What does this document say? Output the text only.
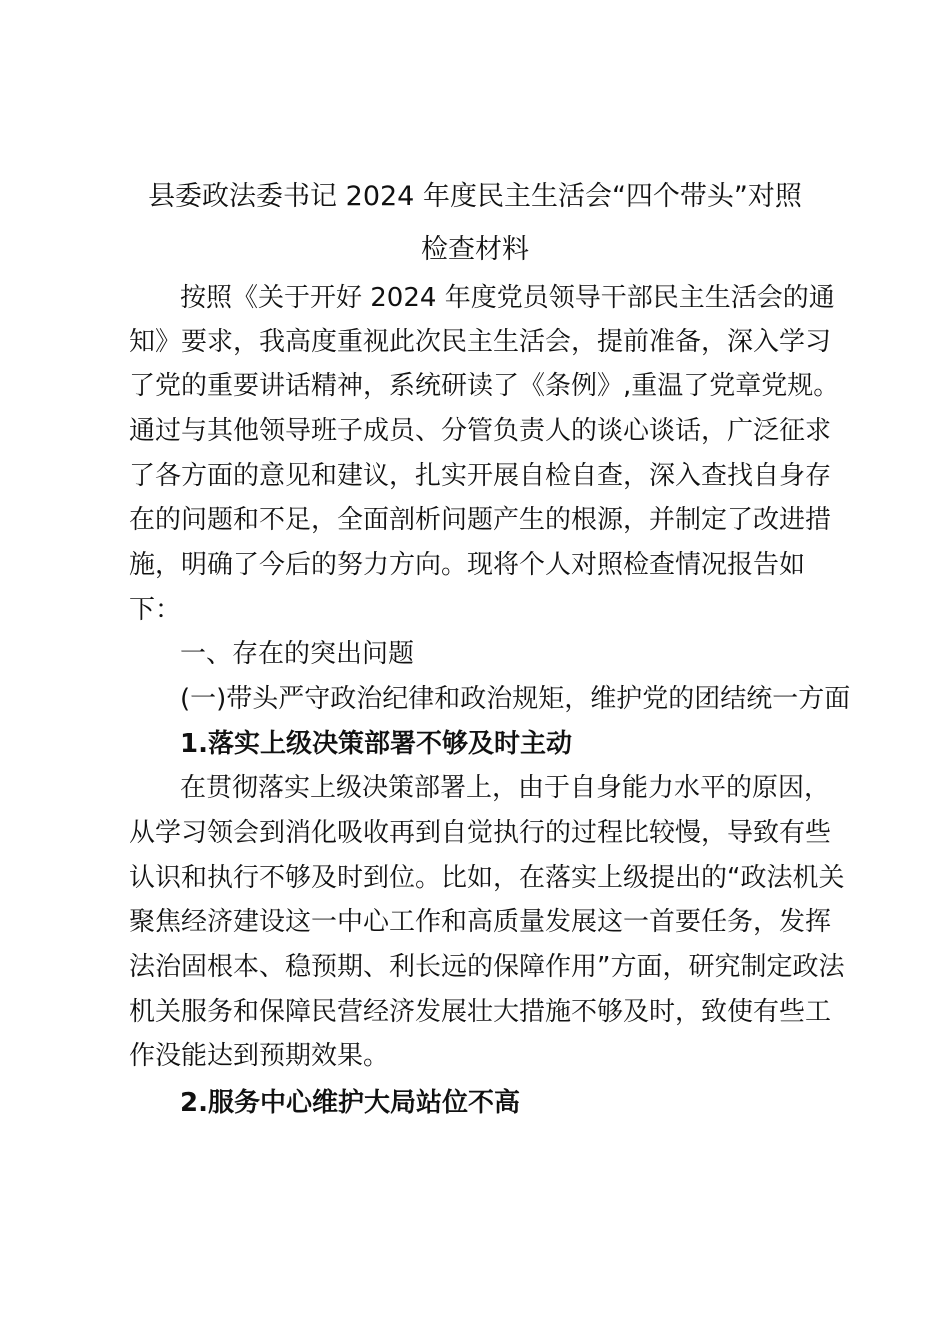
县委政法委书记 2024 年度民主生活会“四个带头”对照
检查材料
按照《关于开好 2024 年度党员领导干部民主生活会的通
知》要求，我高度重视此次民主生活会，提前准备，深入学习
了党的重要讲话精神，系统研读了《条例》,重温了党章党规。
通过与其他领导班子成员、分管负责人的谈心谈话，广泛征求
了各方面的意见和建议，扎实开展自检自查，深入查找自身存
在的问题和不足，全面剖析问题产生的根源，并制定了改进措
施，明确了今后的努力方向。现将个人对照检查情况报告如
下：
一、存在的突出问题
(一)带头严守政治纪律和政治规矩，维护党的团结统一方面
1.落实上级决策部署不够及时主动
在贯彻落实上级决策部署上，由于自身能力水平的原因，
从学习领会到消化吸收再到自觉执行的过程比较慢，导致有些
认识和执行不够及时到位。比如，在落实上级提出的“政法机关
聚焦经济建设这一中心工作和高质量发展这一首要任务，发挥
法治固根本、稳预期、利长远的保障作用”方面，研究制定政法
机关服务和保障民营经济发展壮大措施不够及时，致使有些工
作没能达到预期效果。
2.服务中心维护大局站位不高
